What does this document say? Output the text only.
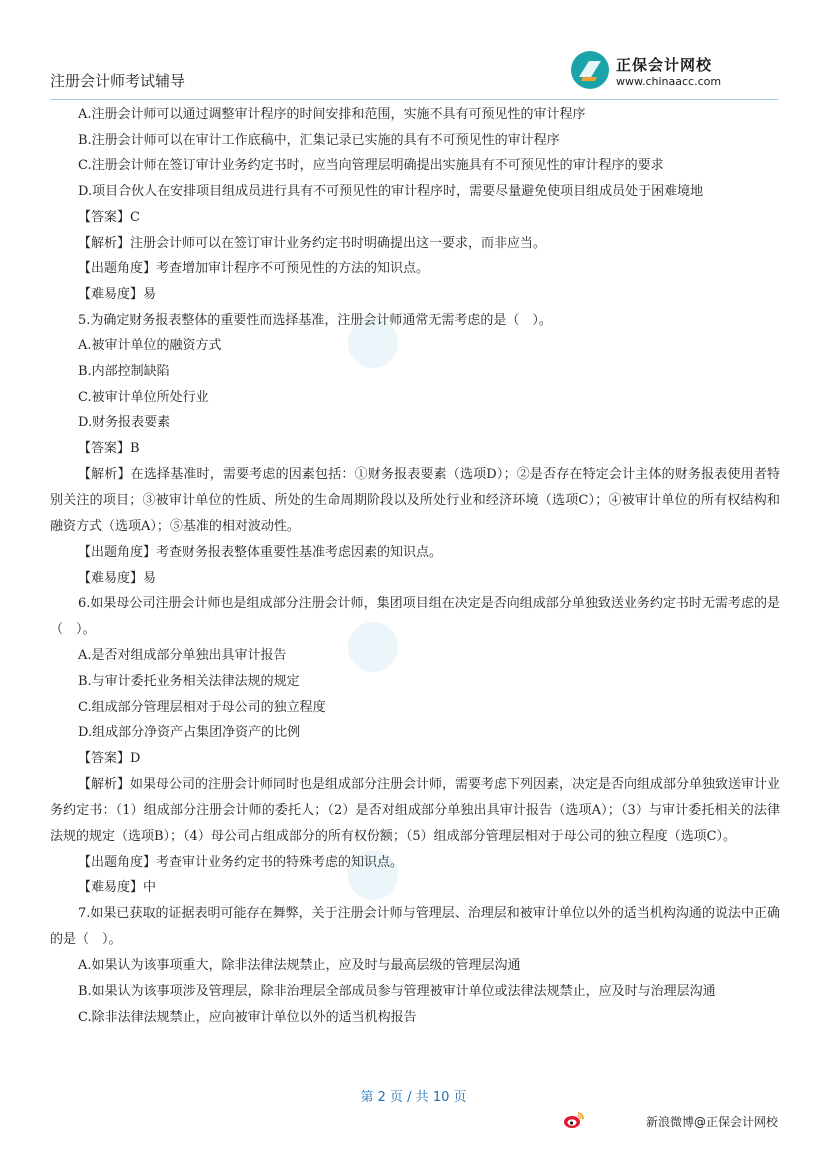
注册会计师考试辅导
正保会计网校
www.chinaacc.com

A.注册会计师可以通过调整审计程序的时间安排和范围，实施不具有可预见性的审计程序

B.注册会计师可以在审计工作底稿中，汇集记录已实施的具有不可预见性的审计程序

C.注册会计师在签订审计业务约定书时，应当向管理层明确提出实施具有不可预见性的审计程序的要求

D.项目合伙人在安排项目组成员进行具有不可预见性的审计程序时，需要尽量避免使项目组成员处于困难境地

【答案】C

【解析】注册会计师可以在签订审计业务约定书时明确提出这一要求，而非应当。

【出题角度】考查增加审计程序不可预见性的方法的知识点。

【难易度】易

5.为确定财务报表整体的重要性而选择基准，注册会计师通常无需考虑的是（　）。

A.被审计单位的融资方式

B.内部控制缺陷

C.被审计单位所处行业

D.财务报表要素

【答案】B

【解析】在选择基准时，需要考虑的因素包括：①财务报表要素（选项D）；②是否存在特定会计主体的财务报表使用者特别关注的项目；③被审计单位的性质、所处的生命周期阶段以及所处行业和经济环境（选项C）；④被审计单位的所有权结构和融资方式（选项A）；⑤基准的相对波动性。

【出题角度】考查财务报表整体重要性基准考虑因素的知识点。

【难易度】易

6.如果母公司注册会计师也是组成部分注册会计师，集团项目组在决定是否向组成部分单独致送业务约定书时无需考虑的是（　）。

A.是否对组成部分单独出具审计报告

B.与审计委托业务相关法律法规的规定

C.组成部分管理层相对于母公司的独立程度

D.组成部分净资产占集团净资产的比例

【答案】D

【解析】如果母公司的注册会计师同时也是组成部分注册会计师，需要考虑下列因素，决定是否向组成部分单独致送审计业务约定书：（1）组成部分注册会计师的委托人；（2）是否对组成部分单独出具审计报告（选项A）；（3）与审计委托相关的法律法规的规定（选项B）；（4）母公司占组成部分的所有权份额；（5）组成部分管理层相对于母公司的独立程度（选项C）。

【出题角度】考查审计业务约定书的特殊考虑的知识点。

【难易度】中

7.如果已获取的证据表明可能存在舞弊，关于注册会计师与管理层、治理层和被审计单位以外的适当机构沟通的说法中正确的是（　）。

A.如果认为该事项重大，除非法律法规禁止，应及时与最高层级的管理层沟通

B.如果认为该事项涉及管理层，除非治理层全部成员参与管理被审计单位或法律法规禁止，应及时与治理层沟通

C.除非法律法规禁止，应向被审计单位以外的适当机构报告

第 2 页 / 共 10 页
新浪微博@正保会计网校
